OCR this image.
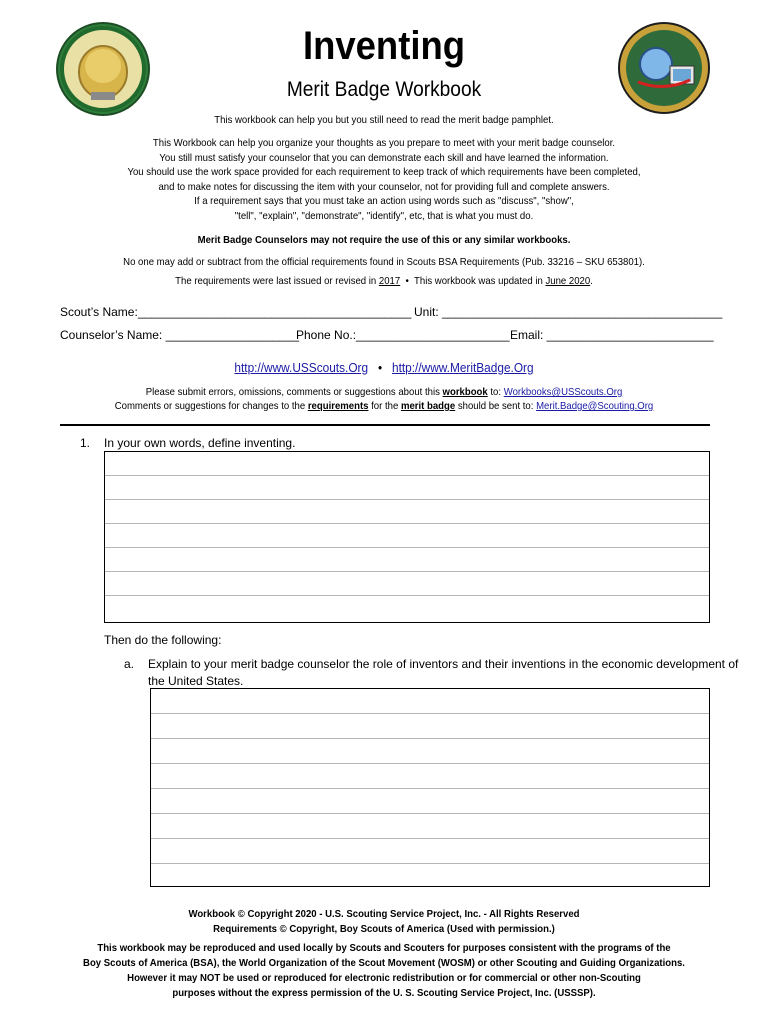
Inventing
Merit Badge Workbook
This workbook can help you but you still need to read the merit badge pamphlet.
This Workbook can help you organize your thoughts as you prepare to meet with your merit badge counselor.
You still must satisfy your counselor that you can demonstrate each skill and have learned the information.
You should use the work space provided for each requirement to keep track of which requirements have been completed,
and to make notes for discussing the item with your counselor, not for providing full and complete answers.
If a requirement says that you must take an action using words such as "discuss", "show",
"tell", "explain", "demonstrate", "identify", etc, that is what you must do.
Merit Badge Counselors may not require the use of this or any similar workbooks.
No one may add or subtract from the official requirements found in Scouts BSA Requirements (Pub. 33216 – SKU 653801).
The requirements were last issued or revised in 2017 • This workbook was updated in June 2020.
Scout’s Name:_________________________________________ Unit: __________________________________________
Counselor’s Name: ____________________
Phone No.:_______________________ Email: _________________________
http://www.USScouts.Org • http://www.MeritBadge.Org
Please submit errors, omissions, comments or suggestions about this workbook to: Workbooks@USScouts.Org
Comments or suggestions for changes to the requirements for the merit badge should be sent to: Merit.Badge@Scouting.Org
1. In your own words, define inventing.
Then do the following:
a. Explain to your merit badge counselor the role of inventors and their inventions in the economic development of
the United States.
Workbook © Copyright 2020 - U.S. Scouting Service Project, Inc. - All Rights Reserved
Requirements © Copyright, Boy Scouts of America (Used with permission.)
This workbook may be reproduced and used locally by Scouts and Scouters for purposes consistent with the programs of the
Boy Scouts of America (BSA), the World Organization of the Scout Movement (WOSM) or other Scouting and Guiding Organizations.
However it may NOT be used or reproduced for electronic redistribution or for commercial or other non-Scouting
purposes without the express permission of the U. S. Scouting Service Project, Inc. (USSSP).
